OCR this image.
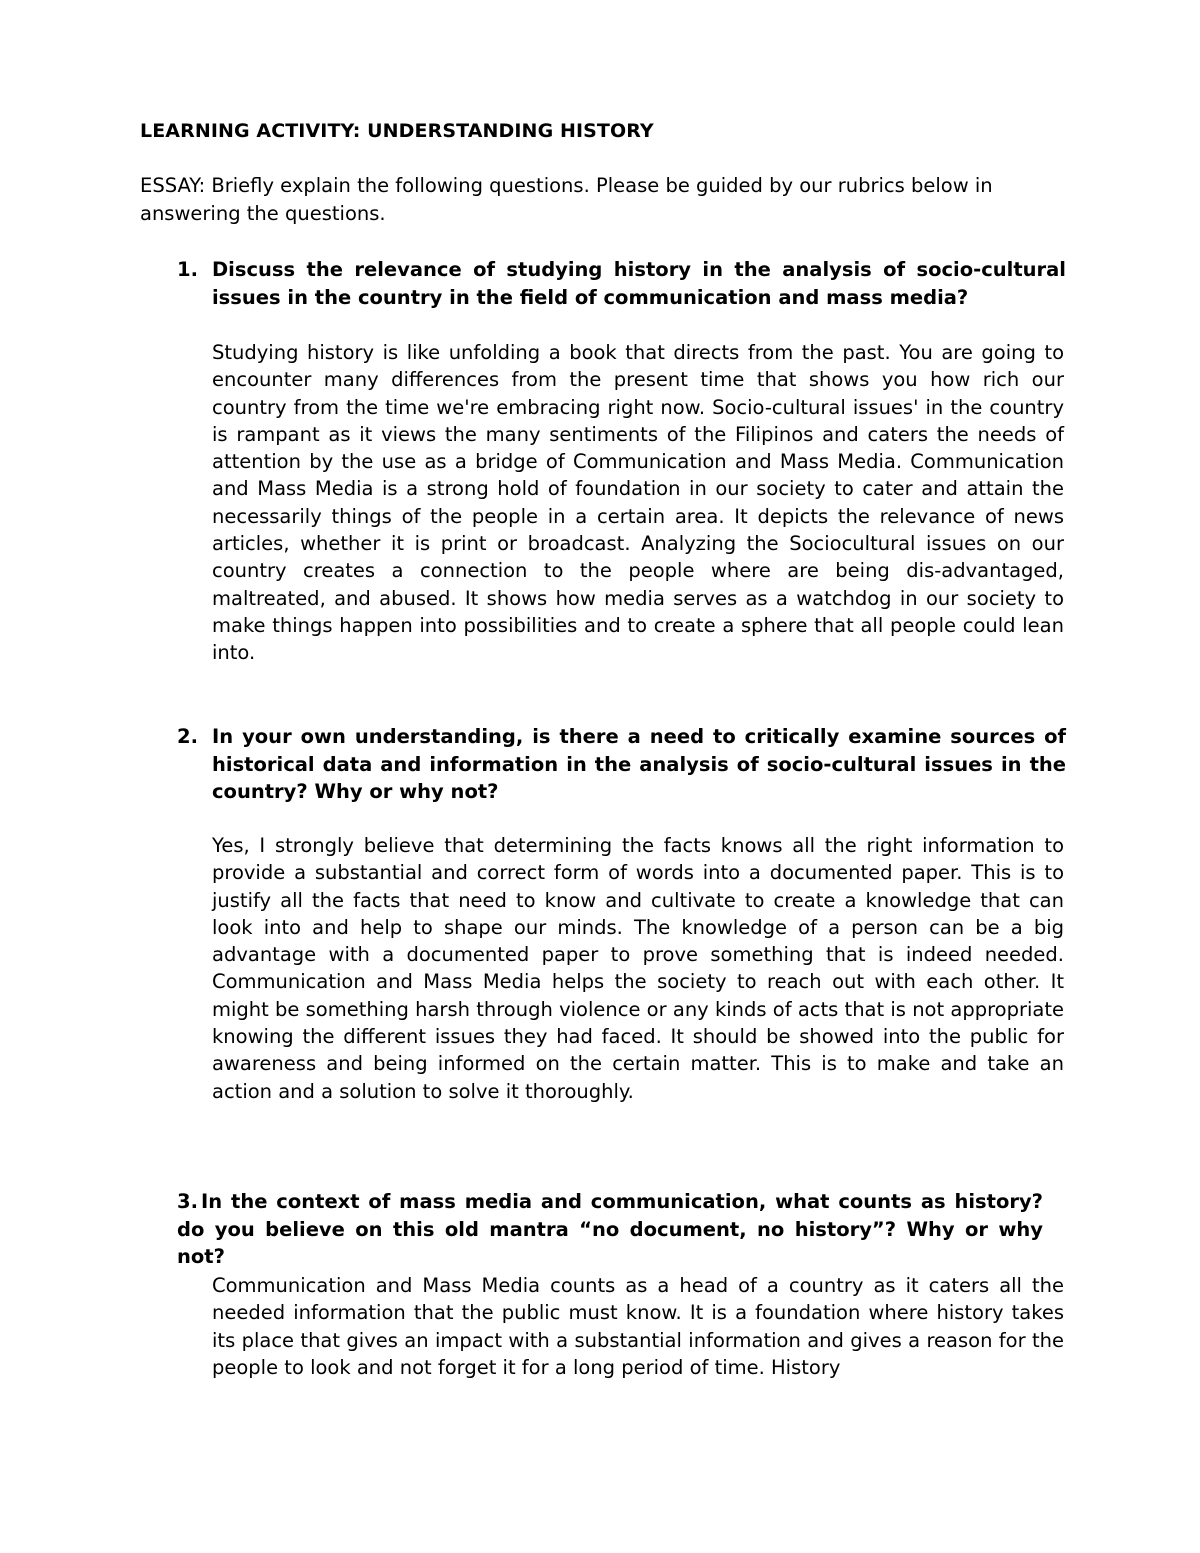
LEARNING ACTIVITY: UNDERSTANDING HISTORY
ESSAY: Briefly explain the following questions. Please be guided by our rubrics below in answering the questions.
1. Discuss the relevance of studying history in the analysis of socio-cultural issues in the country in the field of communication and mass media?
Studying history is like unfolding a book that directs from the past. You are going to encounter many differences from the present time that shows you how rich our country from the time we're embracing right now. Socio-cultural issues' in the country is rampant as it views the many sentiments of the Filipinos and caters the needs of attention by the use as a bridge of Communication and Mass Media. Communication and Mass Media is a strong hold of foundation in our society to cater and attain the necessarily things of the people in a certain area. It depicts the relevance of news articles, whether it is print or broadcast. Analyzing the Sociocultural issues on our country creates a connection to the people where are being dis-advantaged, maltreated, and abused. It shows how media serves as a watchdog in our society to make things happen into possibilities and to create a sphere that all people could lean into.
2. In your own understanding, is there a need to critically examine sources of historical data and information in the analysis of socio-cultural issues in the country? Why or why not?
Yes, I strongly believe that determining the facts knows all the right information to provide a substantial and correct form of words into a documented paper. This is to justify all the facts that need to know and cultivate to create a knowledge that can look into and help to shape our minds. The knowledge of a person can be a big advantage with a documented paper to prove something that is indeed needed. Communication and Mass Media helps the society to reach out with each other. It might be something harsh through violence or any kinds of acts that is not appropriate knowing the different issues they had faced. It should be showed into the public for awareness and being informed on the certain matter. This is to make and take an action and a solution to solve it thoroughly.
3. In the context of mass media and communication, what counts as history? do you believe on this old mantra “no document, no history”? Why or why not?
Communication and Mass Media counts as a head of a country as it caters all the needed information that the public must know. It is a foundation where history takes its place that gives an impact with a substantial information and gives a reason for the people to look and not forget it for a long period of time. History
